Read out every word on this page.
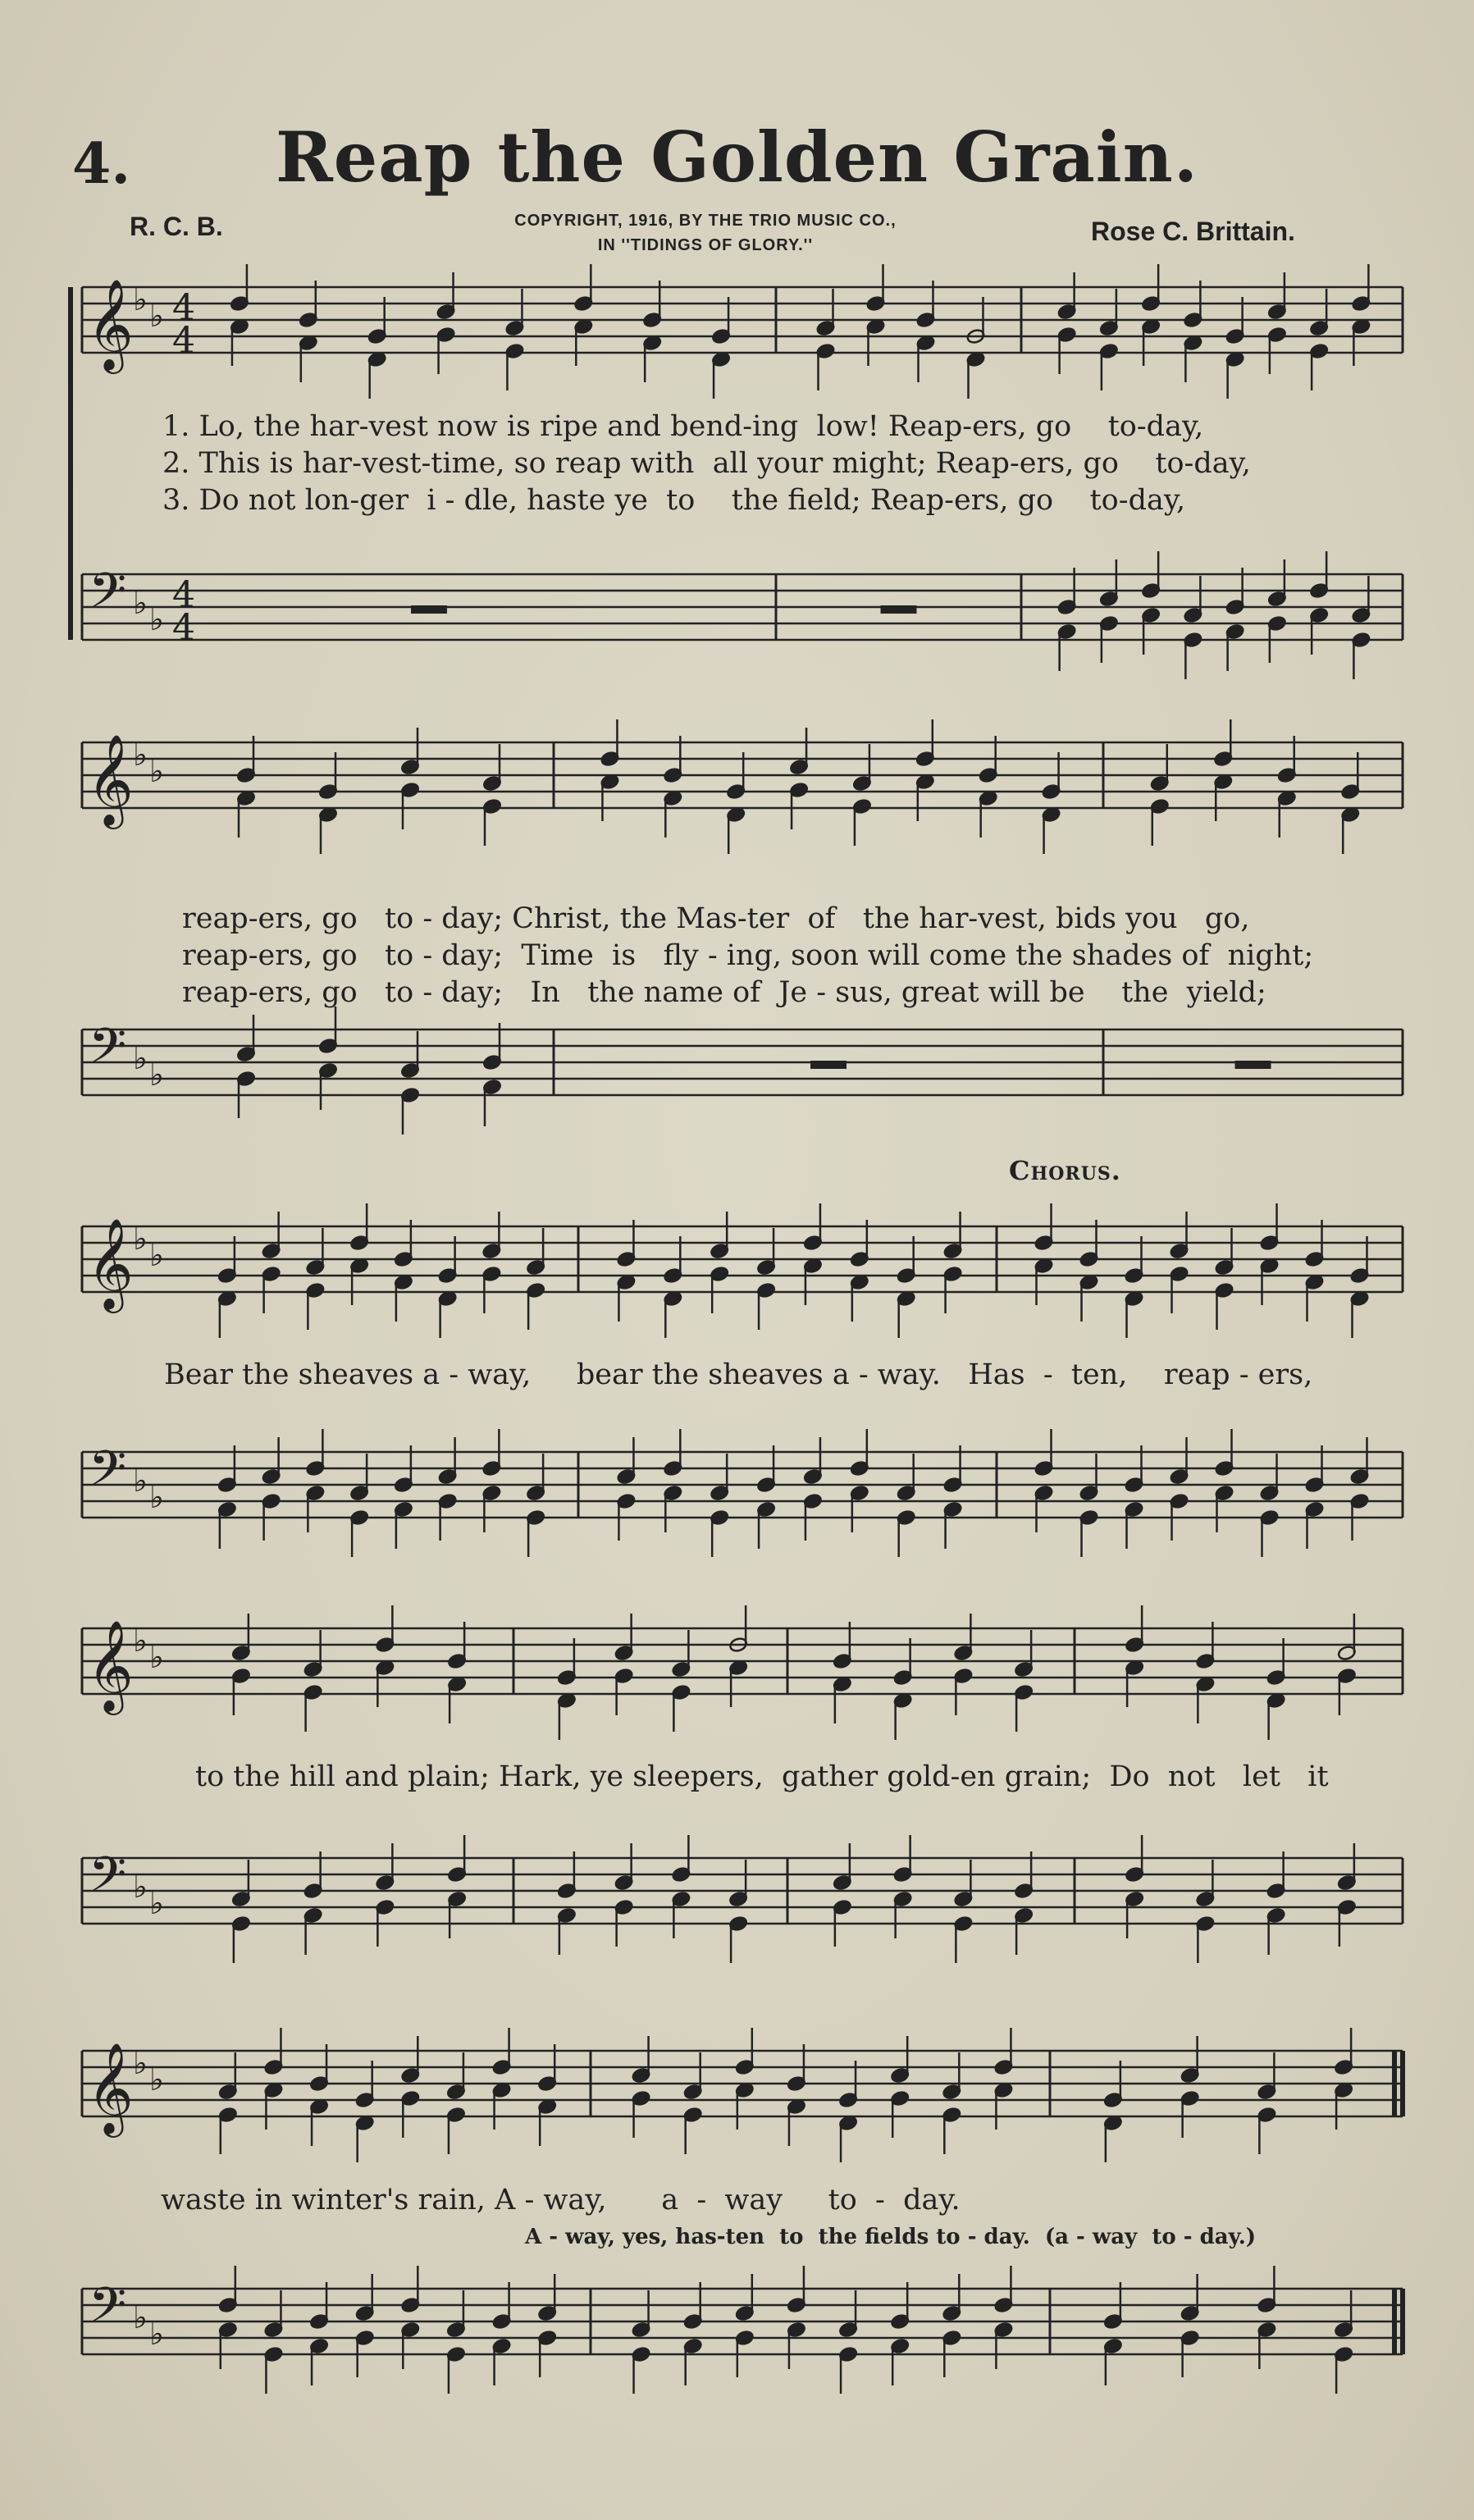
4.	Reap the Golden Grain.
R. C. B.	COPYRIGHT, 1916, BY THE TRIO MUSIC CO.,
IN ''TIDINGS OF GLORY.''	Rose C. Brittain.
𝄞
𝄢
♭ ♭
♭ ♭
4
4
4
4
𝄞
𝄢
♭ ♭
♭ ♭
𝄞
𝄢
♭ ♭
♭ ♭
𝄞
𝄢
♭ ♭
♭ ♭
𝄞
𝄢
♭ ♭
♭ ♭
1. Lo, the har-vest now is ripe and bend-ing  low! Reap-ers, go    to-day,
2. This is har-vest-time, so reap with  all your might; Reap-ers, go    to-day,
3. Do not lon-ger  i - dle, haste ye  to    the field; Reap-ers, go    to-day,
reap-ers, go   to - day; Christ, the Mas-ter  of   the har-vest, bids you   go,
reap-ers, go   to - day;  Time  is   fly - ing, soon will come the shades of  night;
reap-ers, go   to - day;   In   the name of  Je - sus, great will be    the  yield;
Chorus.
Bear the sheaves a - way,     bear the sheaves a - way.   Has  -  ten,    reap - ers,
to the hill and plain; Hark, ye sleepers,  gather gold-en grain;  Do  not   let   it
waste in winter's rain, A - way,      a  -  way     to  -  day.
A - way, yes, has-ten  to  the fields to - day.  (a - way  to - day.)
